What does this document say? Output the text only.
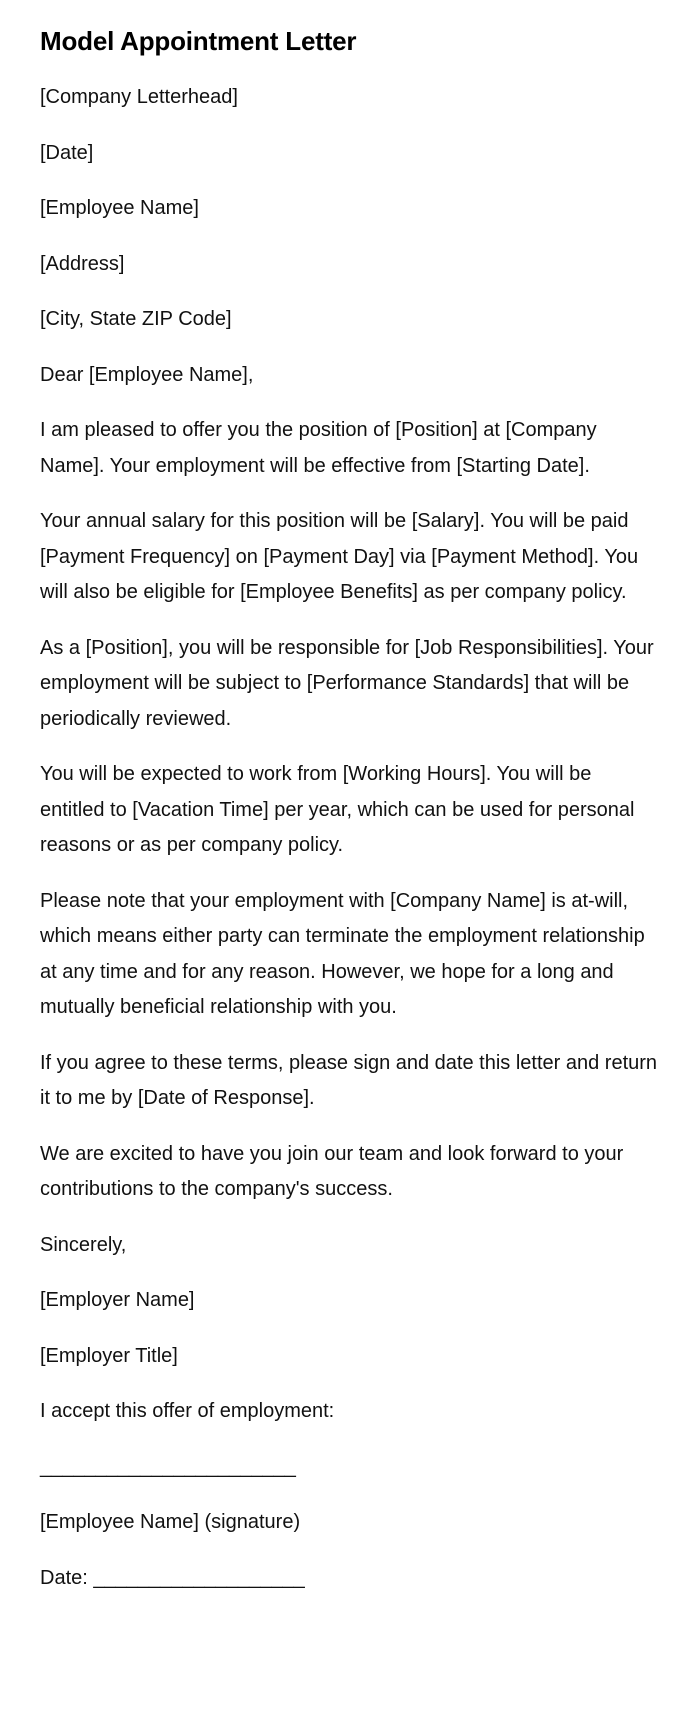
Model Appointment Letter

[Company Letterhead]

[Date]

[Employee Name]

[Address]

[City, State ZIP Code]

Dear [Employee Name],

I am pleased to offer you the position of [Position] at [Company Name]. Your employment will be effective from [Starting Date].

Your annual salary for this position will be [Salary]. You will be paid [Payment Frequency] on [Payment Day] via [Payment Method]. You will also be eligible for [Employee Benefits] as per company policy.

As a [Position], you will be responsible for [Job Responsibilities]. Your employment will be subject to [Performance Standards] that will be periodically reviewed.

You will be expected to work from [Working Hours]. You will be entitled to [Vacation Time] per year, which can be used for personal reasons or as per company policy.

Please note that your employment with [Company Name] is at-will, which means either party can terminate the employment relationship at any time and for any reason. However, we hope for a long and mutually beneficial relationship with you.

If you agree to these terms, please sign and date this letter and return it to me by [Date of Response].

We are excited to have you join our team and look forward to your contributions to the company's success.

Sincerely,

[Employer Name]

[Employer Title]

I accept this offer of employment:

_______________________

[Employee Name] (signature)

Date: ___________________
